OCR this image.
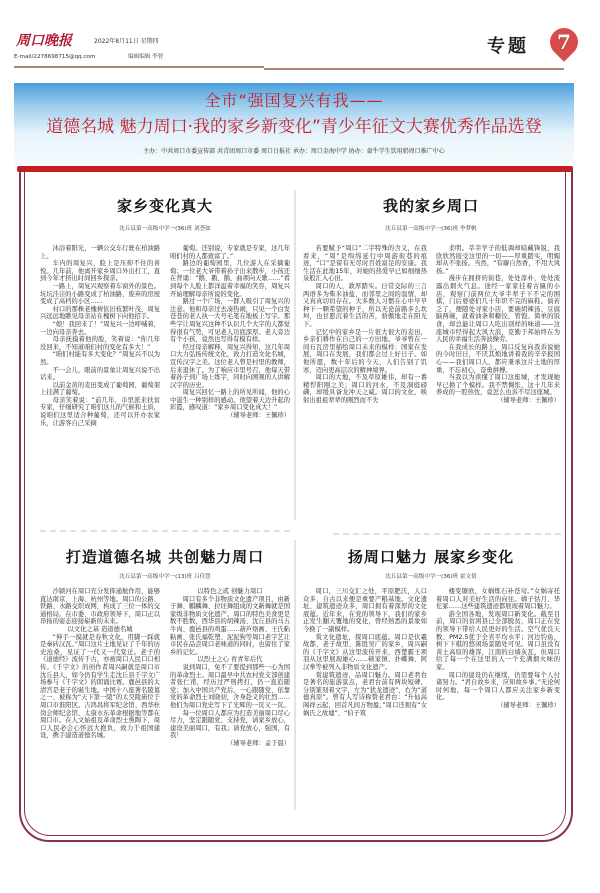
周口晚报	2022年8月11日 星期四
E-mail/2278698715@qq.com	编辑编辑 李智	专题 7
全市“强国复兴有我——
道德名城 魅力周口·我的家乡新变化”青少年征文大赛优秀作品选登
主办：中共周口市委宣传部 共青团周口市委 周口日报社 承办：周口金海中学 协办：豪牛学生饮用奶周口推广中心
家乡变化真大
沈丘县第一高级中学一(36)班 刘荟如

沐浴着阳光，一辆公交车行驶在柏油路上。

车内的周复兴，脸上是压抑不住的喜悦。几年前，他离开家乡周口外出打工，直到今年才挤出时间回乡探亲。

一路上，周复兴观察着车窗外的景色。坑坑洼洼的小路变成了柏油路，废弃的房屋变成了高档的小区……

村口的那株老槐树依旧枝繁叶茂，周复兴远远地瞧见母亲站在槐树下向他招手。

“娘！我回来了！”周复兴一边呼喊着，一边向母亲奔去。

母亲抚摸着他的脸，笑着说：“你几年没回来，不知道咱们村的变化有多大！”

“咱们村能有多大变化？”周复兴不以为然。

不一会儿，眼前的景象让周复兴说不出话来。

以前金黄的麦田变成了葡萄园，葡萄架上挂满了葡萄。

母亲笑着说：“前几年，市里派来扶贫专家，仔细研究了咱们这儿的气候和土质，说咱们这里适合种葡萄，还可以开办农家乐，让游客自己采摘

葡萄。还别说，专家就是专家，这几年咱们村的人都致富了。”

路边的葡萄园里，几位游人在采摘葡萄；一位老大爷带着孙子出来散步，小孩还在背诵：“鹅、鹅、鹅，曲项向天歌……”看到每个人脸上都洋溢着幸福的笑容，周复兴开始理解母亲所说的变化。

路过一个广场，一群人吸引了周复兴的注意。他和母亲过去凑热闹，只见一个白发苍苍的老人执一大号毛笔在地板上写字。那些字让周复兴这种不认识几个大字的人都觉得很有气势，可见老人功底深厚。老人旁边有个小孩，竟然也写得有模有样。

经过母亲解释，周复兴得知，这几年周口大力弘扬传统文化，致力打造文化名城，宣传汉字之美。这位老人曾是村里的教师，后来退休了。为了响应市里号召，他每天带着孙子到广场上练字，同时向围观的人讲解汉字的历史。

周复兴回忆一路上的所见所闻，他的心中滋生一种别样的感动。他望着天边升起的彩霞，感叹道：“家乡周口变化真大！”

（辅导老师：王佩珍）

我的家乡周口
沈丘县第一高级中学一(36)班 李梦帆

若要赋予“周口”二字特殊的含义，在我看来，“周”是绵绵延行中周游街巷的痕迹，“口”是留有无尽时百姓富足的安康。我生活在此地15年，对她的热爱早已如细细热泉般汇入心田。

周口的人，敦厚踏实。日常交际的三言两语多为柴米油盐，而邻里之间的温情，却又真真切切存在。大多数人习惯在心中早早种下一颗希望的种子，所以无论前路多么坎坷，也甘愿沉着生活的苦，骄傲地走在阳光下。

记忆中的家乡是一片很大很大的麦田，乡亲们耕作在自己的一方田地。爷爷曾在一间石瓦房里描绘周口未来的模样：国家在发展，周口在发展，我们都会过上好日子。如他所愿，数十年后的今天，人们告别了饥寒，迈向更高层次的精神境界。

周口的大地，不及草原雄伟，却有一番精悍阳刚之美；周口的河水，不及洞庭磅礴，却缓具备龙冲天之威。周口的文化，映射出祖祖辈辈的刚烈而不失

柔明。莘莘学子的低调却暗藏锋锐，我欣欣然接受这里的一切——厚重踏实，明媚却从不张扬。当然，“有麝自然香，不用大风扬。”

漫步在拥挤的街巷，处处淳朴，处处流露出烟火气息。途经一家家挂着古匾的小店，观察门前两位大爷半辈子下不完的围棋，门后婆婆们几十年织不完的麻鞋。倘若乏了，便随处寻家小店，要碗胡辣汤、豆腐脑两碗，就着油条和糖饺，管饱。简单的饭食，却总能让周口人吃出别样的味道——这座城市经得起大风大浪，克勤于邦始终在为人民的幸福生活奔波操劳。

在我成长的路上，周口反复向我诉说她的今时旧日，不厌其烦地讲着我的辛辛报国心——我们周口人，都应秉承这片土地的厚重，不忘初心，奋勇拼搏。

当我以为读懂了周口这座城，才发现她早已换了个模样。我不禁惆怅，这十几年来养成的一腔热忱，竟怎么也诉不尽这座城。

（辅导老师：王佩珍）

打造道德名城 共创魅力周口
沈丘县第一高级中学一(13)班 吕佳慧

沙颍河在周口充分发挥通航作用，能够直达南京、上海、杭州等地。周口的公路、铁路、水路交织成网，构成了三位一体的交通格局。在市委、市政府领导下，周口正以昂扬的姿态迎接崭新的未来。

以文化之基 造道德名城

“伸手一摸就是春秋文化，用脚一踩就是秦砖汉瓦。”周口这片土地见证了千年的历史沧桑，见证了一代又一代变迁。老子的《道德经》流传千古，亦被周口人民口口相传。《千字文》的创作者周兴嗣就是周口市沈丘县人，如今仍有学生走沈丘县千字文广场参与《千字文》的朗诵比赛。鹿邑县的太清宫是老子的诞生地。中国十八座著名陵墓之一、被称为“天下第一陵”的太昊陵庙位于周口市淮阳区。吉鸿昌将军纪念馆、西华杜岗会师纪念馆、太康水东革命根据地等都在周口市。在人文始祖及革命烈士熏陶下，周口人民必会心怀远大抱负，致力于祖国建设，携手建造道德名城。

以特色之贰 创魅力周口

周口有多个非物质文化遗产项目，由新子舞、麒麟舞、拉坯舞组成的文新舞就是国家级非物质文化遗产。周口的特色美食更是数不胜数，西华县的胡辣汤、沈丘县的马五牛肉、鹿邑县的鸡蛋……葫芦烙画、王氏粘粘画、张氏福乾塑、泥泥狗等周口老字艺让市民在品尝周口老味道的同时，也留住了家乡的记忆。

以烈士之心 育青年后代

说到周口，免不了要提到那些一心为国的革命烈士。周口最早中共农村党支部创建者张仁甫，经历过严刑拷打，仍一直追随党；加入中国共产党后，一心跟随党、依靠党的革命烈士刘晓初，舍身赴义的壮烈……他们为周口党史写下了光辉的一页又一页。

每一位周口人都应为打造美丽周口尽心尽力，坚定跟随党、支持党，请家乡放心，建设美丽周口，有我；请党放心，强国，有我！

（辅导老师：孟于晨）

扬周口魅力 展家乡变化
沈丘县第一高级中学一(36)班 霍文倩

周口，三川交汇之处，平原肥沃，人口众多，自古以来便是重要产粮基地。文化遗址、建筑遗迹众多，周口拥有着深厚的文化底蕴。近年来，在党的领导下，我们的家乡正发生翻天覆地的变化，曾经熟悉的景象如今换了一副模样。

赏文化遗址，探周口底蕴。周口是伏羲故都、老子故里、陈胜吴广的家乡，周兴嗣的《千字文》从这里流传开来，西楚霸王项羽从这里展现雄心……顿家镇、扑蝶舞、阿汉拳等被列入非物质文化遗产。

赏建筑遗迹，品周口魅力。周口老君台是著名的旅游景点，老君台前有两块短碑，分别篆刻着文字，左为“犹龙遗迹”，右为“道德真原”。曾有人写诗称赞老君台：“升仙高阁祥云起，回首凡间万物盈。”周口还拥有“女娲氏之故墟”、“伯子筑

楼变镣欧，女娲炼石补苍穹。”女娲寄托着周口人对美好生活的向往。嫦子怙月、华佗冢……这些建筑遗迹都展现着周口魅力。

游全国各地，发现周口新变化。截至目前，周口的贫困县已全部脱贫，周口正在党的领导下带给人民更好的生活。空气优良天数、PM2.5优于全省平均水平；河边钓鱼，树下下棋的悠闲场景随处可见。周口虽没有黄土高原的雄浑，江南的白墙灰瓦，但周口给了每一个在这里的人一个充满烟火味的家。

周口的建设仍在继续，仍需要每个人付诸努力。“君自故乡来，应知故乡事。”无论何时何地，每一个周口人都应关注家乡新变化。

（辅导老师：王佩珍）
